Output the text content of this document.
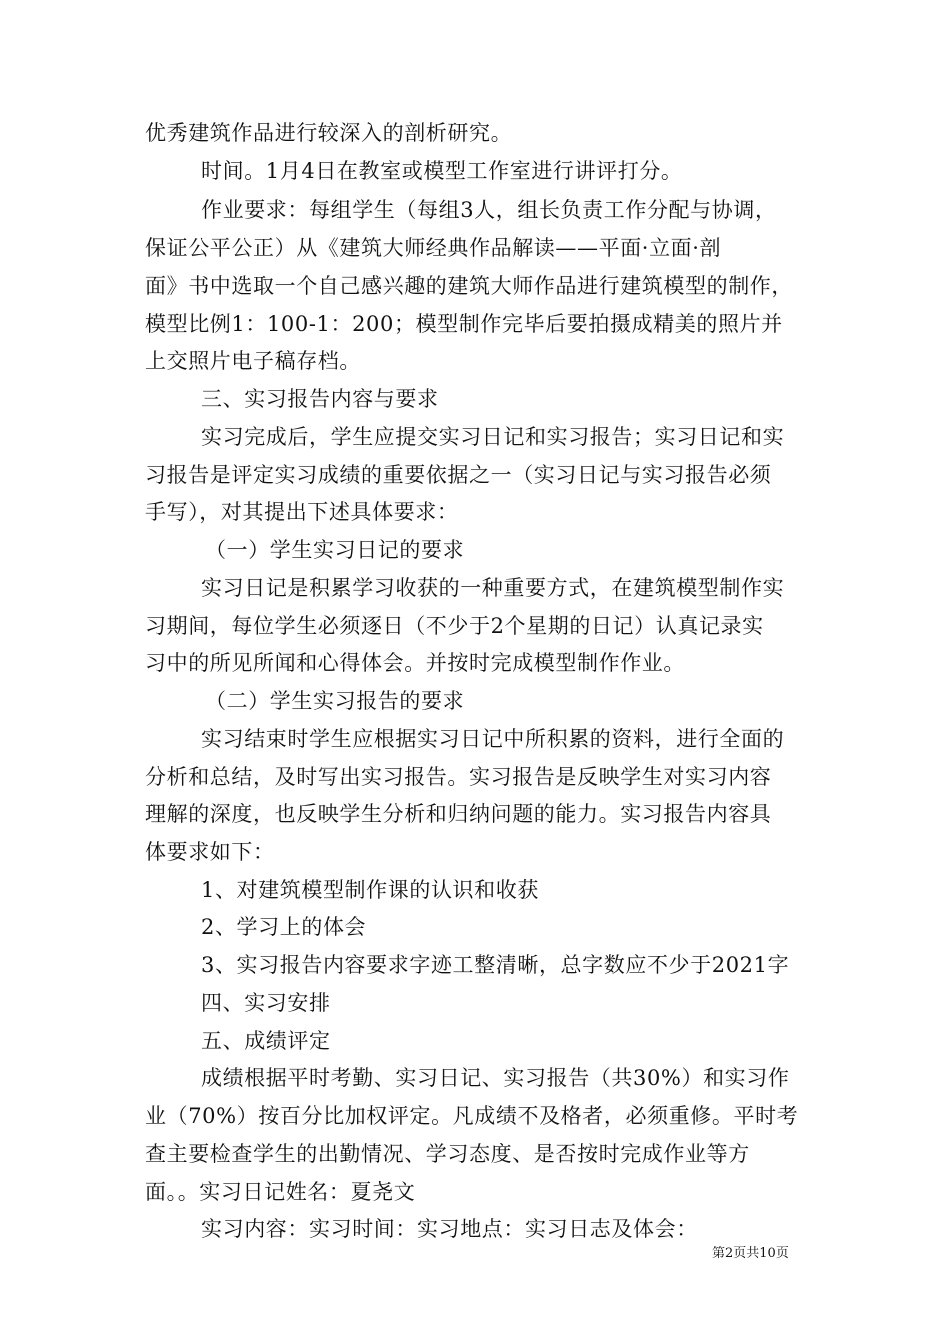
优秀建筑作品进行较深入的剖析研究。
时间。1月4日在教室或模型工作室进行讲评打分。
作业要求：每组学生（每组3人，组长负责工作分配与协调，
保证公平公正）从《建筑大师经典作品解读——平面·立面·剖
面》书中选取一个自己感兴趣的建筑大师作品进行建筑模型的制作，
模型比例1：100-1：200；模型制作完毕后要拍摄成精美的照片并
上交照片电子稿存档。
三、实习报告内容与要求
实习完成后，学生应提交实习日记和实习报告；实习日记和实
习报告是评定实习成绩的重要依据之一（实习日记与实习报告必须
手写），对其提出下述具体要求：
（一）学生实习日记的要求
实习日记是积累学习收获的一种重要方式，在建筑模型制作实
习期间，每位学生必须逐日（不少于2个星期的日记）认真记录实
习中的所见所闻和心得体会。并按时完成模型制作作业。
（二）学生实习报告的要求
实习结束时学生应根据实习日记中所积累的资料，进行全面的
分析和总结，及时写出实习报告。实习报告是反映学生对实习内容
理解的深度，也反映学生分析和归纳问题的能力。实习报告内容具
体要求如下：
1、对建筑模型制作课的认识和收获
2、学习上的体会
3、实习报告内容要求字迹工整清晰，总字数应不少于2021字
四、实习安排
五、成绩评定
成绩根据平时考勤、实习日记、实习报告（共30%）和实习作
业（70%）按百分比加权评定。凡成绩不及格者，必须重修。平时考
查主要检查学生的出勤情况、学习态度、是否按时完成作业等方
面。。实习日记姓名：夏尧文
实习内容：实习时间：实习地点：实习日志及体会：
第2页共10页
